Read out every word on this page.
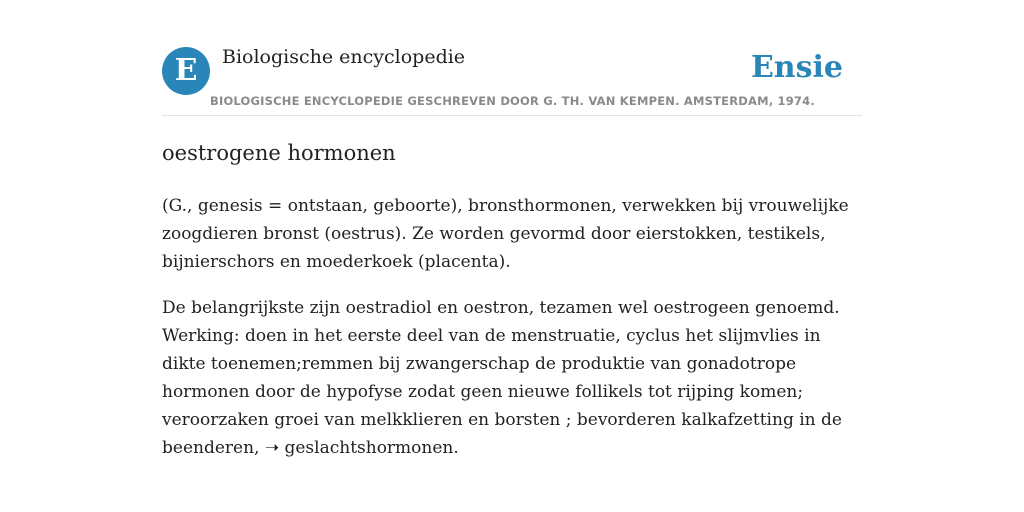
E	Biologische encyclopedie	Ensie
BIOLOGISCHE ENCYCLOPEDIE GESCHREVEN DOOR G. TH. VAN KEMPEN. AMSTERDAM, 1974.
oestrogene hormonen

(G., genesis = ontstaan, geboorte), bronsthormonen, verwekken bij vrouwelijke
zoogdieren bronst (oestrus). Ze worden gevormd door eierstokken, testikels,
bijnierschors en moederkoek (placenta).

De belangrijkste zijn oestradiol en oestron, tezamen wel oestrogeen genoemd.
Werking: doen in het eerste deel van de menstruatie, cyclus het slijmvlies in
dikte toenemen;remmen bij zwangerschap de produktie van gonadotrope
hormonen door de hypofyse zodat geen nieuwe follikels tot rijping komen;
veroorzaken groei van melkklieren en borsten ; bevorderen kalkafzetting in de
beenderen, ➝ geslachtshormonen.
